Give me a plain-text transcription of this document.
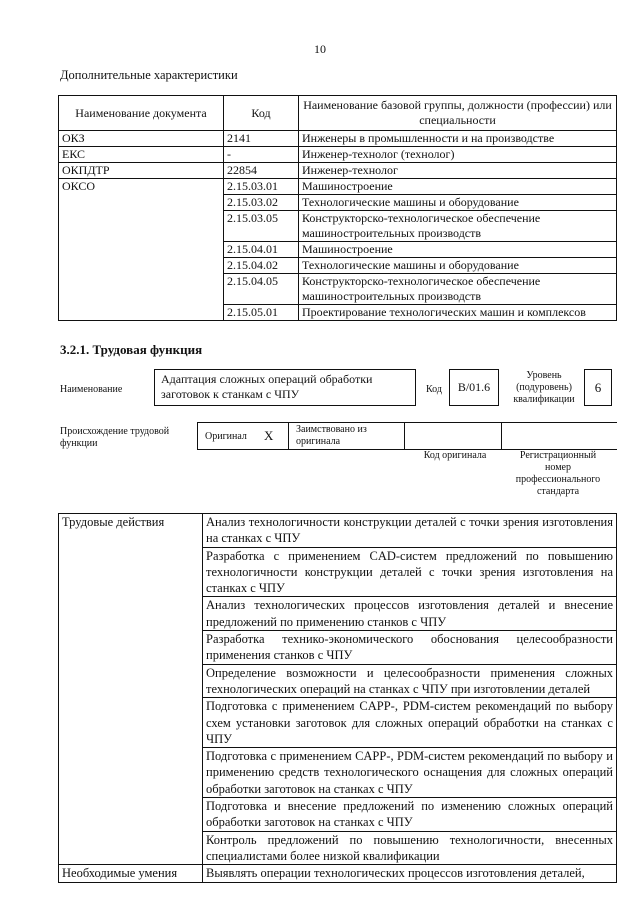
10
Дополнительные характеристики
Наименование документа	Код	Наименование базовой группы, должности (профессии) или специальности
ОКЗ	2141	Инженеры в промышленности и на производстве
ЕКС	-	Инженер-технолог (технолог)
ОКПДТР	22854	Инженер-технолог
ОКСО	2.15.03.01	Машиностроение
	2.15.03.02	Технологические машины и оборудование
	2.15.03.05	Конструкторско-технологическое обеспечение машиностроительных производств
	2.15.04.01	Машиностроение
	2.15.04.02	Технологические машины и оборудование
	2.15.04.05	Конструкторско-технологическое обеспечение машиностроительных производств
	2.15.05.01	Проектирование технологических машин и комплексов
3.2.1. Трудовая функция
Наименование
Адаптация сложных операций обработки заготовок к станкам с ЧПУ	Код	B/01.6
Уровень (подуровень) квалификации
6
Происхождение трудовой функции
Оригинал X Заимствовано из оригинала
Код оригинала	Регистрационный номер профессионального стандарта
Трудовые действия	Анализ технологичности конструкции деталей с точки зрения изготовления на станках с ЧПУ
	Разработка с применением CAD-систем предложений по повышению технологичности конструкции деталей с точки зрения изготовления на станках с ЧПУ
	Анализ технологических процессов изготовления деталей и внесение предложений по применению станков с ЧПУ
	Разработка технико-экономического обоснования целесообразности применения станков с ЧПУ
	Определение возможности и целесообразности применения сложных технологических операций на станках с ЧПУ при изготовлении деталей
	Подготовка с применением CAPP-, PDM-систем рекомендаций по выбору схем установки заготовок для сложных операций обработки на станках с ЧПУ
	Подготовка с применением CAPP-, PDM-систем рекомендаций по выбору и применению средств технологического оснащения для сложных операций обработки заготовок на станках с ЧПУ
	Подготовка и внесение предложений по изменению сложных операций обработки заготовок на станках с ЧПУ
	Контроль предложений по повышению технологичности, внесенных специалистами более низкой квалификации
Необходимые умения	Выявлять операции технологических процессов изготовления деталей,
